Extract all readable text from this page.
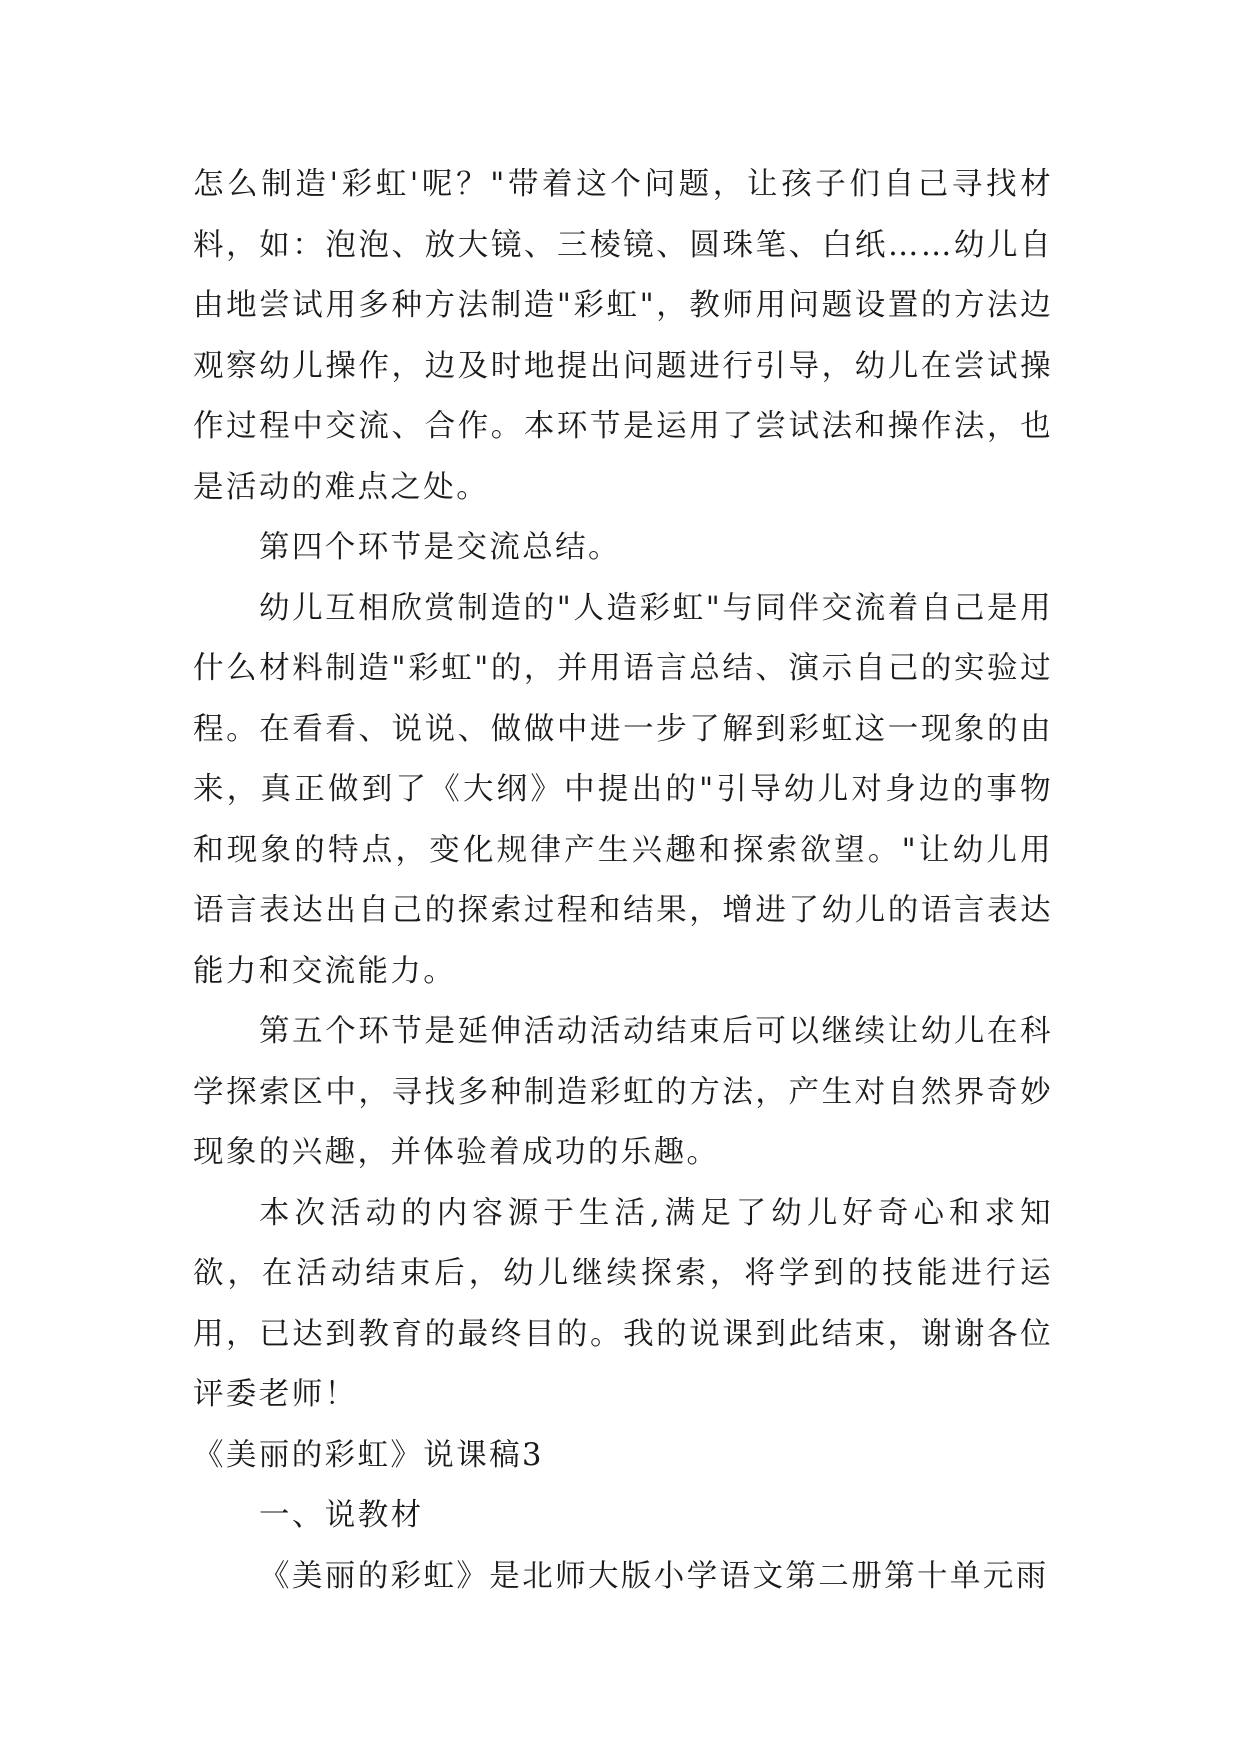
怎么制造'彩虹'呢？"带着这个问题，让孩子们自己寻找材料，如：泡泡、放大镜、三棱镜、圆珠笔、白纸……幼儿自由地尝试用多种方法制造"彩虹"，教师用问题设置的方法边观察幼儿操作，边及时地提出问题进行引导，幼儿在尝试操作过程中交流、合作。本环节是运用了尝试法和操作法，也是活动的难点之处。

第四个环节是交流总结。

幼儿互相欣赏制造的"人造彩虹"与同伴交流着自己是用什么材料制造"彩虹"的，并用语言总结、演示自己的实验过程。在看看、说说、做做中进一步了解到彩虹这一现象的由来，真正做到了《大纲》中提出的"引导幼儿对身边的事物和现象的特点，变化规律产生兴趣和探索欲望。"让幼儿用语言表达出自己的探索过程和结果，增进了幼儿的语言表达能力和交流能力。

第五个环节是延伸活动活动结束后可以继续让幼儿在科学探索区中，寻找多种制造彩虹的方法，产生对自然界奇妙现象的兴趣，并体验着成功的乐趣。

本次活动的内容源于生活,满足了幼儿好奇心和求知欲，在活动结束后，幼儿继续探索，将学到的技能进行运用，已达到教育的最终目的。我的说课到此结束，谢谢各位评委老师！

《美丽的彩虹》说课稿3

一、说教材

《美丽的彩虹》是北师大版小学语文第二册第十单元雨
